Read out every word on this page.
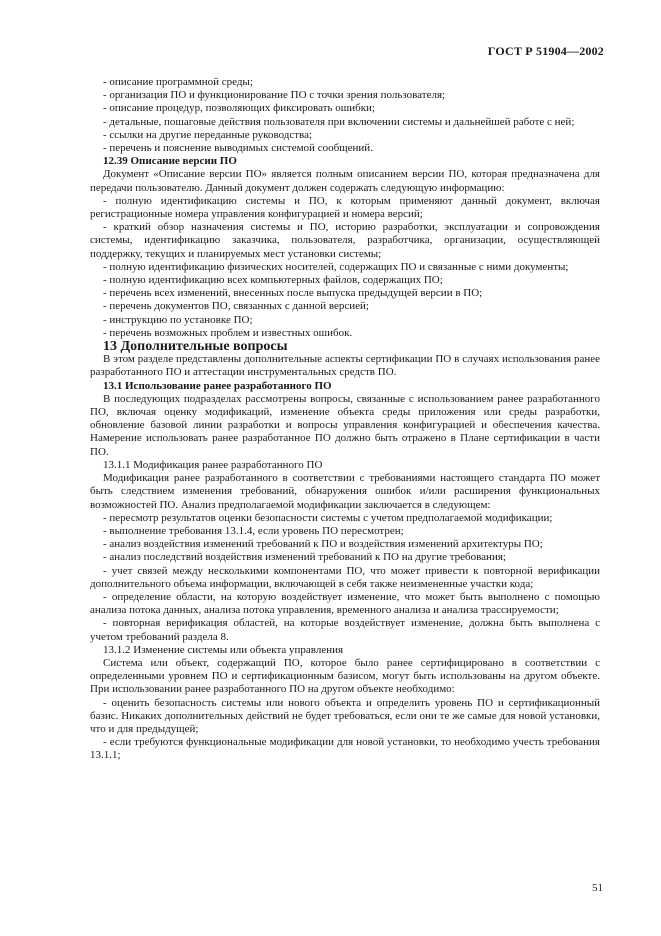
ГОСТ Р 51904—2002

- описание программной среды;

- организация ПО и функционирование ПО с точки зрения пользователя;

- описание процедур, позволяющих фиксировать ошибки;

- детальные, пошаговые действия пользователя при включении системы и дальнейшей работе с ней;

- ссылки на другие переданные руководства;

- перечень и пояснение выводимых системой сообщений.

12.39 Описание версии ПО

Документ «Описание версии ПО» является полным описанием версии ПО, которая предназначена для передачи пользователю. Данный документ должен содержать следующую информацию:

- полную идентификацию системы и ПО, к которым применяют данный документ, включая регистрационные номера управления конфигурацией и номера версий;

- краткий обзор назначения системы и ПО, историю разработки, эксплуатации и сопровождения системы, идентификацию заказчика, пользователя, разработчика, организации, осуществляющей поддержку, текущих и планируемых мест установки системы;

- полную идентификацию физических носителей, содержащих ПО и связанные с ними документы;

- полную идентификацию всех компьютерных файлов, содержащих ПО;

- перечень всех изменений, внесенных после выпуска предыдущей версии в ПО;

- перечень документов ПО, связанных с данной версией;

- инструкцию по установке ПО;

- перечень возможных проблем и известных ошибок.

13 Дополнительные вопросы

В этом разделе представлены дополнительные аспекты сертификации ПО в случаях использования ранее разработанного ПО и аттестации инструментальных средств ПО.

13.1 Использование ранее разработанного ПО

В последующих подразделах рассмотрены вопросы, связанные с использованием ранее разработанного ПО, включая оценку модификаций, изменение объекта среды приложения или среды разработки, обновление базовой линии разработки и вопросы управления конфигурацией и обеспечения качества. Намерение использовать ранее разработанное ПО должно быть отражено в Плане сертификации в части ПО.

13.1.1 Модификация ранее разработанного ПО

Модификация ранее разработанного в соответствии с требованиями настоящего стандарта ПО может быть следствием изменения требований, обнаружения ошибок и/или расширения функциональных возможностей ПО. Анализ предполагаемой модификации заключается в следующем:

- пересмотр результатов оценки безопасности системы с учетом предполагаемой модификации;

- выполнение требования 13.1.4, если уровень ПО пересмотрен;

- анализ воздействия изменений требований к ПО и воздействия изменений архитектуры ПО;

- анализ последствий воздействия изменений требований к ПО на другие требования;

- учет связей между несколькими компонентами ПО, что может привести к повторной верификации дополнительного объема информации, включающей в себя также неизмененные участки кода;

- определение области, на которую воздействует изменение, что может быть выполнено с помощью анализа потока данных, анализа потока управления, временного анализа и анализа трассируемости;

- повторная верификация областей, на которые воздействует изменение, должна быть выполнена с учетом требований раздела 8.

13.1.2 Изменение системы или объекта управления

Система или объект, содержащий ПО, которое было ранее сертифицировано в соответствии с определенными уровнем ПО и сертификационным базисом, могут быть использованы на другом объекте. При использовании ранее разработанного ПО на другом объекте необходимо:

- оценить безопасность системы или нового объекта и определить уровень ПО и сертификационный базис. Никаких дополнительных действий не будет требоваться, если они те же самые для новой установки, что и для предыдущей;

- если требуются функциональные модификации для новой установки, то необходимо учесть требования 13.1.1;

51
